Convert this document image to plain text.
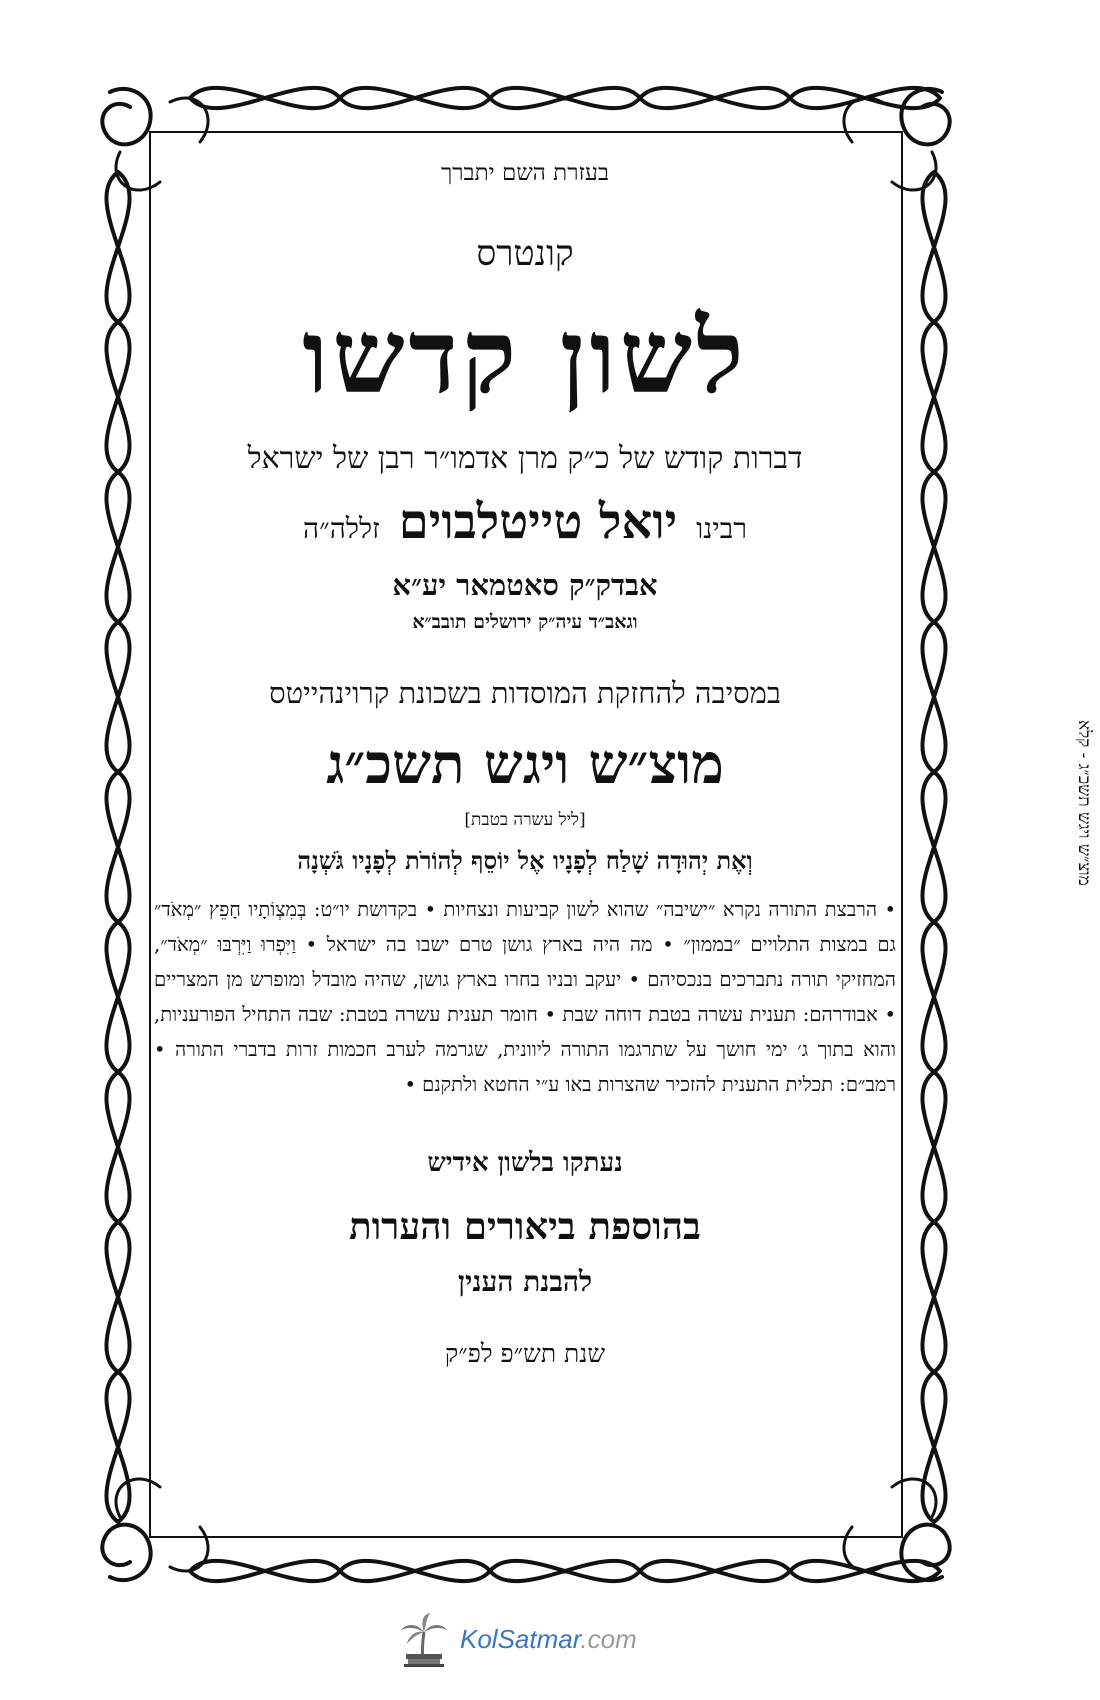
בעזרת השם יתברך
קונטרס
לשון קדשו
דברות קודש של כ״ק מרן אדמו״ר רבן של ישראל
רבינו יואל טייטלבוים זללה״ה
אבדק״ק סאטמאר יע״א
וגאב״ד עיה״ק ירושלים תובב״א
במסיבה להחזקת המוסדות בשכונת קרוינהייטס
מוצ״ש ויגש תשכ״ג
[ליל עשרה בטבת]
וְאֶת יְהוּדָה שָׁלַח לְפָנָיו אֶל יוֹסֵף לְהוֹרֹת לְפָנָיו גֹּשְׁנָה
• הרבצת התורה נקרא ״ישיבה״ שהוא לשון קביעות ונצחיות • בקדושת יו״ט: בְּמִצְוֹתָיו חָפֵץ ״מְאֹד״ גם במצות התלויים ״בממון״ • מה היה בארץ גושן טרם ישבו בה ישראל • וַיִּפְרוּ וַיִּרְבּוּ ״מְאֹד״, המחזיקי תורה נתברכים בנכסיהם • יעקב ובניו בחרו בארץ גושן, שהיה מובדל ומופרש מן המצריים • אבודרהם: תענית עשרה בטבת דוחה שבת • חומר תענית עשרה בטבת: שבה התחיל הפורעניות, והוא בתוך ג׳ ימי חושך על שתרגמו התורה ליוונית, שגרמה לערב חכמות זרות בדברי התורה • רמב״ם: תכלית התענית להזכיר שהצרות באו ע״י החטא ולתקנם •
נעתקו בלשון אידיש
בהוספת ביאורים והערות
להבנת הענין
שנת תש״פ לפ״ק
מוצ״ש ויגש תשכ״ג - קלא
KolSatmar.com
